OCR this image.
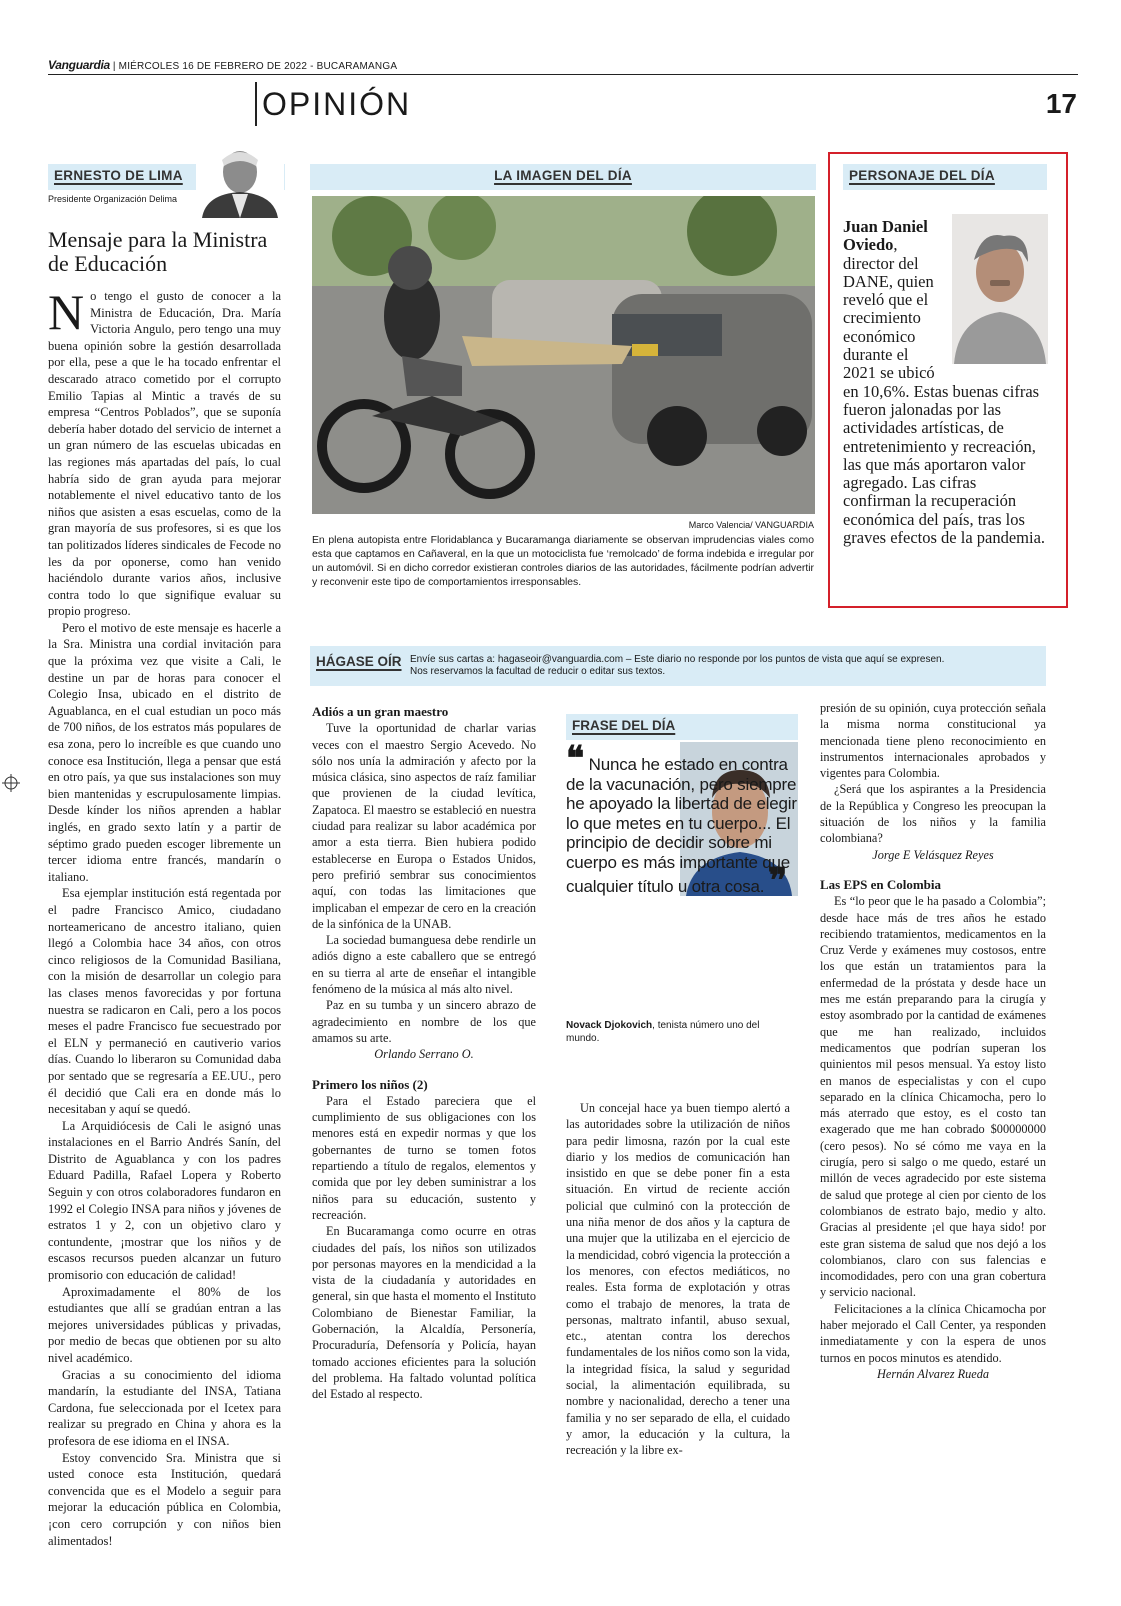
Vanguardia | MIÉRCOLES 16 DE FEBRERO DE 2022 - BUCARAMANGA
OPINIÓN	17
ERNESTO DE LIMA
Presidente Organización Delima
Mensaje para la Ministra de Educación

No tengo el gusto de conocer a la Ministra de Educación, Dra. María Victoria Angulo, pero tengo una muy buena opinión sobre la gestión desarrollada por ella, pese a que le ha tocado enfrentar el descarado atraco cometido por el corrupto Emilio Tapias al Mintic a través de su empresa “Centros Poblados”, que se suponía debería haber dotado del servicio de internet a un gran número de las escuelas ubicadas en las regiones más apartadas del país, lo cual habría sido de gran ayuda para mejorar notablemente el nivel educativo tanto de los niños que asisten a esas escuelas, como de la gran mayoría de sus profesores, si es que los tan politizados líderes sindicales de Fecode no les da por oponerse, como han venido haciéndolo durante varios años, inclusive contra todo lo que signifique evaluar su propio progreso.

Pero el motivo de este mensaje es hacerle a la Sra. Ministra una cordial invitación para que la próxima vez que visite a Cali, le destine un par de horas para conocer el Colegio Insa, ubicado en el distrito de Aguablanca, en el cual estudian un poco más de 700 niños, de los estratos más populares de esa zona, pero lo increíble es que cuando uno conoce esa Institución, llega a pensar que está en otro país, ya que sus instalaciones son muy bien mantenidas y escrupulosamente limpias. Desde kínder los niños aprenden a hablar inglés, en grado sexto latín y a partir de séptimo grado pueden escoger libremente un tercer idioma entre francés, mandarín o italiano.

Esa ejemplar institución está regentada por el padre Francisco Amico, ciudadano norteamericano de ancestro italiano, quien llegó a Colombia hace 34 años, con otros cinco religiosos de la Comunidad Basiliana, con la misión de desarrollar un colegio para las clases menos favorecidas y por fortuna nuestra se radicaron en Cali, pero a los pocos meses el padre Francisco fue secuestrado por el ELN y permaneció en cautiverio varios días. Cuando lo liberaron su Comunidad daba por sentado que se regresaría a EE.UU., pero él decidió que Cali era en donde más lo necesitaban y aquí se quedó.

La Arquidiócesis de Cali le asignó unas instalaciones en el Barrio Andrés Sanín, del Distrito de Aguablanca y con los padres Eduard Padilla, Rafael Lopera y Roberto Seguin y con otros colaboradores fundaron en 1992 el Colegio INSA para niños y jóvenes de estratos 1 y 2, con un objetivo claro y contundente, ¡mostrar que los niños y de escasos recursos pueden alcanzar un futuro promisorio con educación de calidad!

Aproximadamente el 80% de los estudiantes que allí se gradúan entran a las mejores universidades públicas y privadas, por medio de becas que obtienen por su alto nivel académico.

Gracias a su conocimiento del idioma mandarín, la estudiante del INSA, Tatiana Cardona, fue seleccionada por el Icetex para realizar su pregrado en China y ahora es la profesora de ese idioma en el INSA.

Estoy convencido Sra. Ministra que si usted conoce esta Institución, quedará convencida que es el Modelo a seguir para mejorar la educación pública en Colombia, ¡con cero corrupción y con niños bien alimentados!

LA IMAGEN DEL DÍA
Marco Valencia/ VANGUARDIA
En plena autopista entre Floridablanca y Bucaramanga diariamente se observan imprudencias viales como esta que captamos en Cañaveral, en la que un motociclista fue ‘remolcado’ de forma indebida e irregular por un automóvil. Si en dicho corredor existieran controles diarios de las autoridades, fácilmente podrían advertir y reconvenir este tipo de comportamientos irresponsables.
PERSONAJE DEL DÍA
Juan Daniel Oviedo, director del DANE, quien reveló que el crecimiento económico durante el 2021 se ubicó en 10,6%. Estas buenas cifras fueron jalonadas por las actividades artísticas, de entretenimiento y recreación, las que más aportaron valor agregado. Las cifras confirman la recuperación económica del país, tras los graves efectos de la pandemia.
HÁGASE OÍR Envíe sus cartas a: hagaseoir@vanguardia.com – Este diario no responde por los puntos de vista que aquí se expresen.
Nos reservamos la facultad de reducir o editar sus textos.
Adiós a un gran maestro

Tuve la oportunidad de charlar varias veces con el maestro Sergio Acevedo. No sólo nos unía la admiración y afecto por la música clásica, sino aspectos de raíz familiar que provienen de la ciudad levítica, Zapatoca. El maestro se estableció en nuestra ciudad para realizar su labor académica por amor a esta tierra. Bien hubiera podido establecerse en Europa o Estados Unidos, pero prefirió sembrar sus conocimientos aquí, con todas las limitaciones que implicaban el empezar de cero en la creación de la sinfónica de la UNAB.

La sociedad bumanguesa debe rendirle un adiós digno a este caballero que se entregó en su tierra al arte de enseñar el intangible fenómeno de la música al más alto nivel.

Paz en su tumba y un sincero abrazo de agradecimiento en nombre de los que amamos su arte.

Orlando Serrano O.
Primero los niños (2)

Para el Estado pareciera que el cumplimiento de sus obligaciones con los menores está en expedir normas y que los gobernantes de turno se tomen fotos repartiendo a título de regalos, elementos y comida que por ley deben suministrar a los niños para su educación, sustento y recreación.

En Bucaramanga como ocurre en otras ciudades del país, los niños son utilizados por personas mayores en la mendicidad a la vista de la ciudadanía y autoridades en general, sin que hasta el momento el Instituto Colombiano de Bienestar Familiar, la Gobernación, la Alcaldía, Personería, Procuraduría, Defensoría y Policía, hayan tomado acciones eficientes para la solución del problema. Ha faltado voluntad política del Estado al respecto.

FRASE DEL DÍA
❝ Nunca he estado en contra de la vacunación, pero siempre he apoyado la libertad de elegir lo que metes en tu cuerpo... El principio de decidir sobre mi cuerpo es más importante que cualquier título u otra cosa. ❞
Novack Djokovich, tenista número uno del mundo.

Un concejal hace ya buen tiempo alertó a las autoridades sobre la utilización de niños para pedir limosna, razón por la cual este diario y los medios de comunicación han insistido en que se debe poner fin a esta situación. En virtud de reciente acción policial que culminó con la protección de una niña menor de dos años y la captura de una mujer que la utilizaba en el ejercicio de la mendicidad, cobró vigencia la protección a los menores, con efectos mediáticos, no reales. Esta forma de explotación y otras como el trabajo de menores, la trata de personas, maltrato infantil, abuso sexual, etc., atentan contra los derechos fundamentales de los niños como son la vida, la integridad física, la salud y seguridad social, la alimentación equilibrada, su nombre y nacionalidad, derecho a tener una familia y no ser separado de ella, el cuidado y amor, la educación y la cultura, la recreación y la libre ex-

presión de su opinión, cuya protección señala la misma norma constitucional ya mencionada tiene pleno reconocimiento en instrumentos internacionales aprobados y vigentes para Colombia.

¿Será que los aspirantes a la Presidencia de la República y Congreso les preocupan la situación de los niños y la familia colombiana?

Jorge E Velásquez Reyes
Las EPS en Colombia

Es “lo peor que le ha pasado a Colombia”; desde hace más de tres años he estado recibiendo tratamientos, medicamentos en la Cruz Verde y exámenes muy costosos, entre los que están un tratamientos para la enfermedad de la próstata y desde hace un mes me están preparando para la cirugía y estoy asombrado por la cantidad de exámenes que me han realizado, incluidos medicamentos que podrían superan los quinientos mil pesos mensual. Ya estoy listo en manos de especialistas y con el cupo separado en la clínica Chicamocha, pero lo más aterrado que estoy, es el costo tan exagerado que me han cobrado $00000000 (cero pesos). No sé cómo me vaya en la cirugía, pero si salgo o me quedo, estaré un millón de veces agradecido por este sistema de salud que protege al cien por ciento de los colombianos de estrato bajo, medio y alto. Gracias al presidente ¡el que haya sido! por este gran sistema de salud que nos dejó a los colombianos, claro con sus falencias e incomodidades, pero con una gran cobertura y servicio nacional.

Felicitaciones a la clínica Chicamocha por haber mejorado el Call Center, ya responden inmediatamente y con la espera de unos turnos en pocos minutos es atendido.

Hernán Alvarez Rueda
